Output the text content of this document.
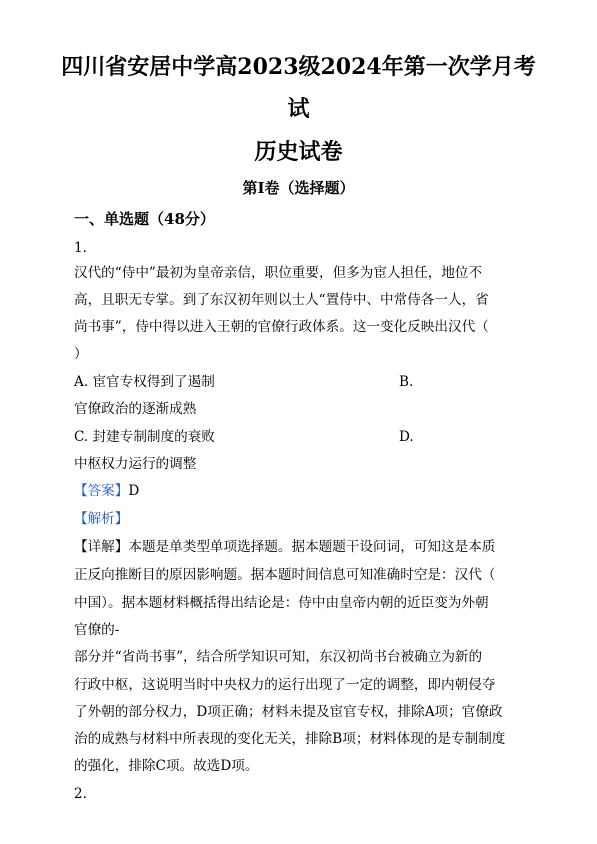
四川省安居中学高2023级2024年第一次学月考
试
历史试卷
第I卷（选择题）
一、单选题（48分）
1.
汉代的“侍中”最初为皇帝亲信，职位重要，但多为宦人担任，地位不
高，且职无专掌。到了东汉初年则以士人“置侍中、中常侍各一人，省
尚书事”，侍中得以进入王朝的官僚行政体系。这一变化反映出汉代（
）
A. 宦官专权得到了遏制	B.
官僚政治的逐渐成熟
C. 封建专制制度的衰败	D.
中枢权力运行的调整
【答案】D
【解析】
【详解】本题是单类型单项选择题。据本题题干设问词，可知这是本质
正反向推断目的原因影响题。据本题时间信息可知准确时空是：汉代（
中国）。据本题材料概括得出结论是：侍中由皇帝内朝的近臣变为外朝
官僚的-
部分并“省尚书事”，结合所学知识可知，东汉初尚书台被确立为新的
行政中枢，这说明当时中央权力的运行出现了一定的调整，即内朝侵夺
了外朝的部分权力，D项正确；材料未提及宦官专权，排除A项；官僚政
治的成熟与材料中所表现的变化无关，排除B项；材料体现的是专制制度
的强化，排除C项。故选D项。
2.
